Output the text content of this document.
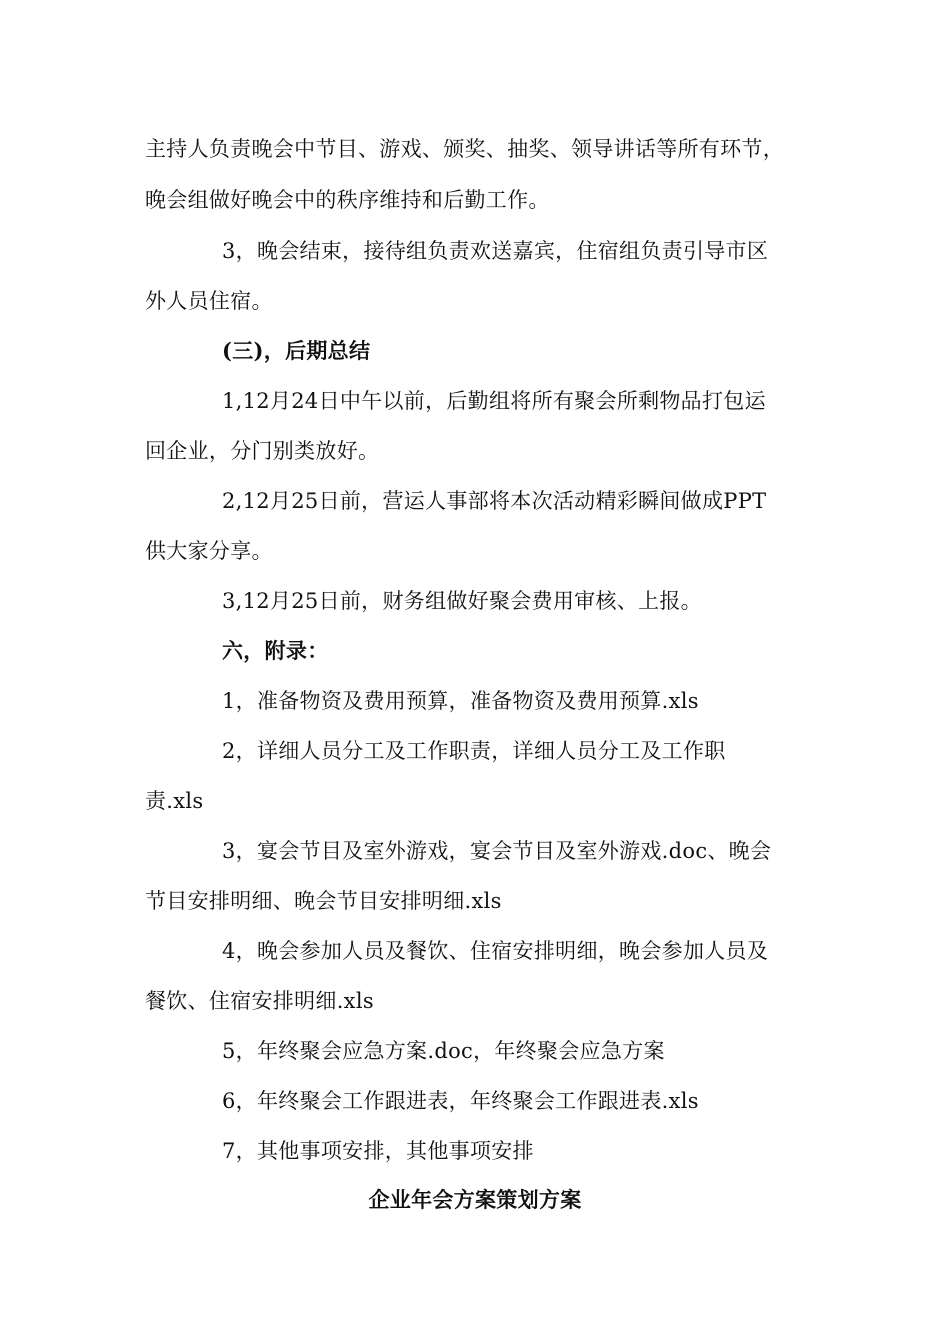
主持人负责晚会中节目、游戏、颁奖、抽奖、领导讲话等所有环节，
晚会组做好晚会中的秩序维持和后勤工作。
3，晚会结束，接待组负责欢送嘉宾，住宿组负责引导市区
外人员住宿。
(三)，后期总结
1,12月24日中午以前，后勤组将所有聚会所剩物品打包运
回企业，分门别类放好。
2,12月25日前，营运人事部将本次活动精彩瞬间做成PPT
供大家分享。
3,12月25日前，财务组做好聚会费用审核、上报。
六，附录：
1，准备物资及费用预算，准备物资及费用预算.xls
2，详细人员分工及工作职责，详细人员分工及工作职
责.xls
3，宴会节目及室外游戏，宴会节目及室外游戏.doc、晚会
节目安排明细、晚会节目安排明细.xls
4，晚会参加人员及餐饮、住宿安排明细，晚会参加人员及
餐饮、住宿安排明细.xls
5，年终聚会应急方案.doc，年终聚会应急方案
6，年终聚会工作跟进表，年终聚会工作跟进表.xls
7，其他事项安排，其他事项安排
企业年会方案策划方案
